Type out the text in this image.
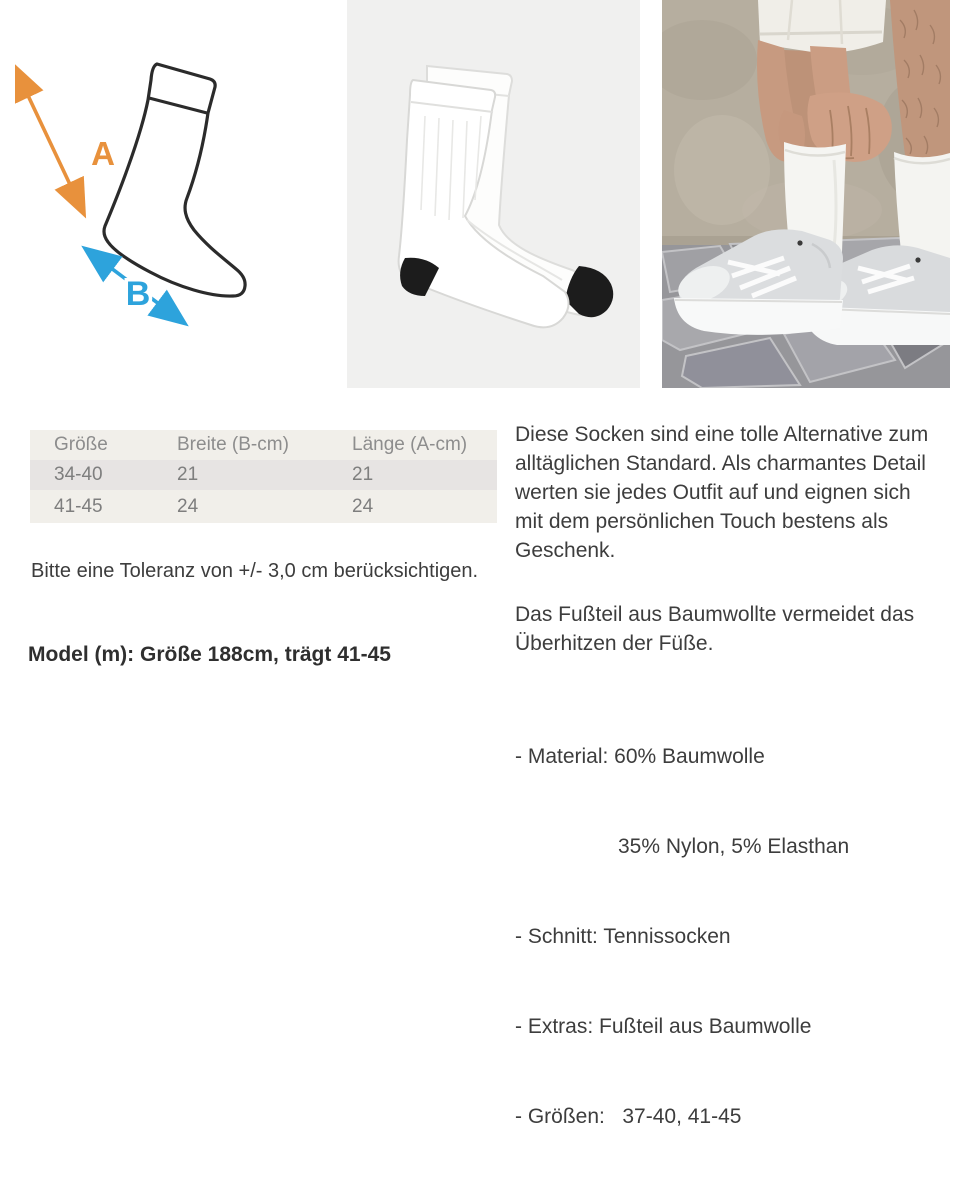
A
B
Größe	Breite (B-cm)	Länge (A-cm)
34-40	21	21
41-45	24	24
Bitte eine Toleranz von +/- 3,0 cm berücksichtigen.
Model (m): Größe 188cm, trägt 41-45
Diese Socken sind eine tolle Alternative zum
alltäglichen Standard. Als charmantes Detail
werten sie jedes Outfit auf und eignen sich
mit dem persönlichen Touch bestens als
Geschenk.
Das Fußteil aus Baumwollte vermeidet das
Überhitzen der Füße.

- Material: 60% Baumwolle

35% Nylon, 5% Elasthan

- Schnitt: Tennissocken

- Extras: Fußteil aus Baumwolle

- Größen:   37-40, 41-45
